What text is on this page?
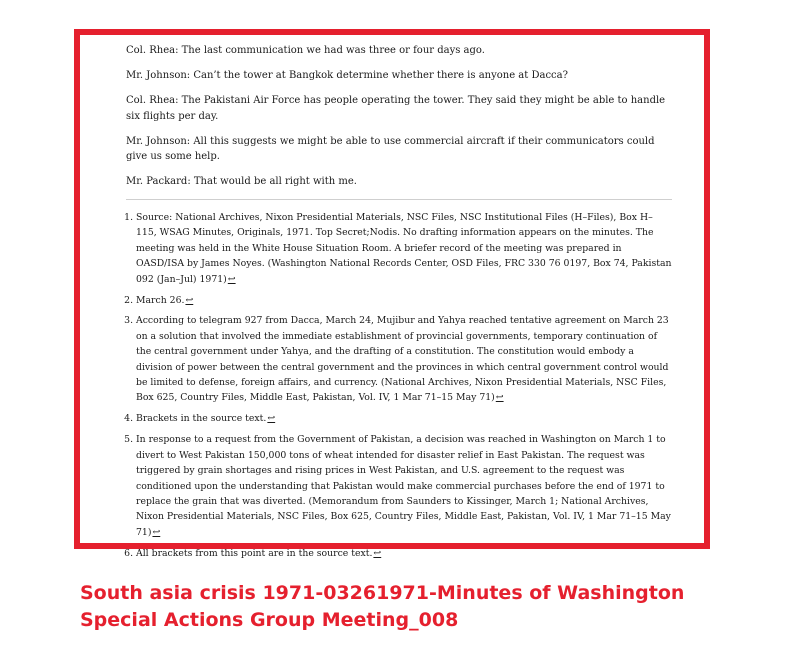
Col. Rhea: The last communication we had was three or four days ago.

Mr. Johnson: Can’t the tower at Bangkok determine whether there is anyone at Dacca?

Col. Rhea: The Pakistani Air Force has people operating the tower. They said they might be able to handle six flights per day.

Mr. Johnson: All this suggests we might be able to use commercial aircraft if their communicators could give us some help.

Mr. Packard: That would be all right with me.

1. Source: National Archives, Nixon Presidential Materials, NSC Files, NSC Institutional Files (H–Files), Box H–115, WSAG Minutes, Originals, 1971. Top Secret;Nodis. No drafting information appears on the minutes. The meeting was held in the White House Situation Room. A briefer record of the meeting was prepared in OASD/ISA by James Noyes. (Washington National Records Center, OSD Files, FRC 330 76 0197, Box 74, Pakistan 092 (Jan–Jul) 1971)↩
2. March 26.↩
3. According to telegram 927 from Dacca, March 24, Mujibur and Yahya reached tentative agreement on March 23 on a solution that involved the immediate establishment of provincial governments, temporary continuation of the central government under Yahya, and the drafting of a constitution. The constitution would embody a division of power between the central government and the provinces in which central government control would be limited to defense, foreign affairs, and currency. (National Archives, Nixon Presidential Materials, NSC Files, Box 625, Country Files, Middle East, Pakistan, Vol. IV, 1 Mar 71–15 May 71)↩
4. Brackets in the source text.↩
5. In response to a request from the Government of Pakistan, a decision was reached in Washington on March 1 to divert to West Pakistan 150,000 tons of wheat intended for disaster relief in East Pakistan. The request was triggered by grain shortages and rising prices in West Pakistan, and U.S. agreement to the request was conditioned upon the understanding that Pakistan would make commercial purchases before the end of 1971 to replace the grain that was diverted. (Memorandum from Saunders to Kissinger, March 1; National Archives, Nixon Presidential Materials, NSC Files, Box 625, Country Files, Middle East, Pakistan, Vol. IV, 1 Mar 71–15 May 71)↩
6. All brackets from this point are in the source text.↩
South asia crisis 1971-03261971-Minutes of Washington Special Actions Group Meeting_008
